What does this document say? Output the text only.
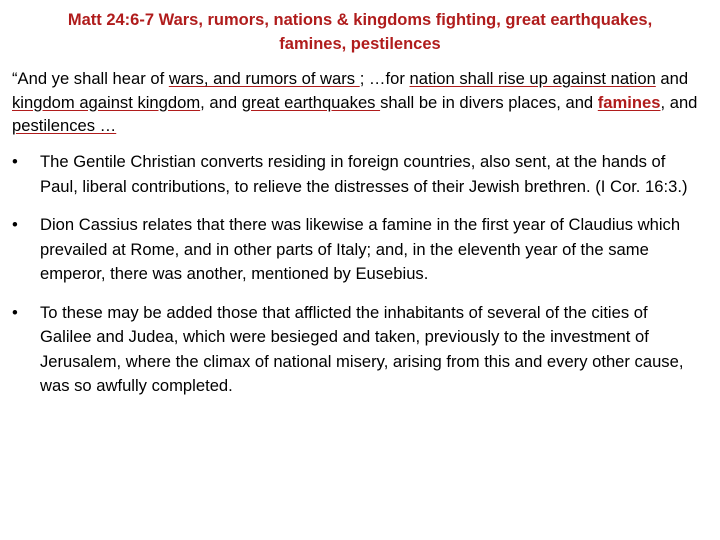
Matt 24:6-7 Wars, rumors, nations & kingdoms fighting, great earthquakes,
famines, pestilences
“And ye shall hear of wars, and rumors of wars ; …for nation shall rise up against nation and kingdom against kingdom, and great earthquakes shall be in divers places, and famines, and pestilences …
• The Gentile Christian converts residing in foreign countries, also sent, at the hands of Paul, liberal contributions, to relieve the distresses of their Jewish brethren. (I Cor. 16:3.)
• Dion Cassius relates that there was likewise a famine in the first year of Claudius which prevailed at Rome, and in other parts of Italy; and, in the eleventh year of the same emperor, there was another, mentioned by Eusebius.
• To these may be added those that afflicted the inhabitants of several of the cities of Galilee and Judea, which were besieged and taken, previously to the investment of Jerusalem, where the climax of national misery, arising from this and every other cause, was so awfully completed.
